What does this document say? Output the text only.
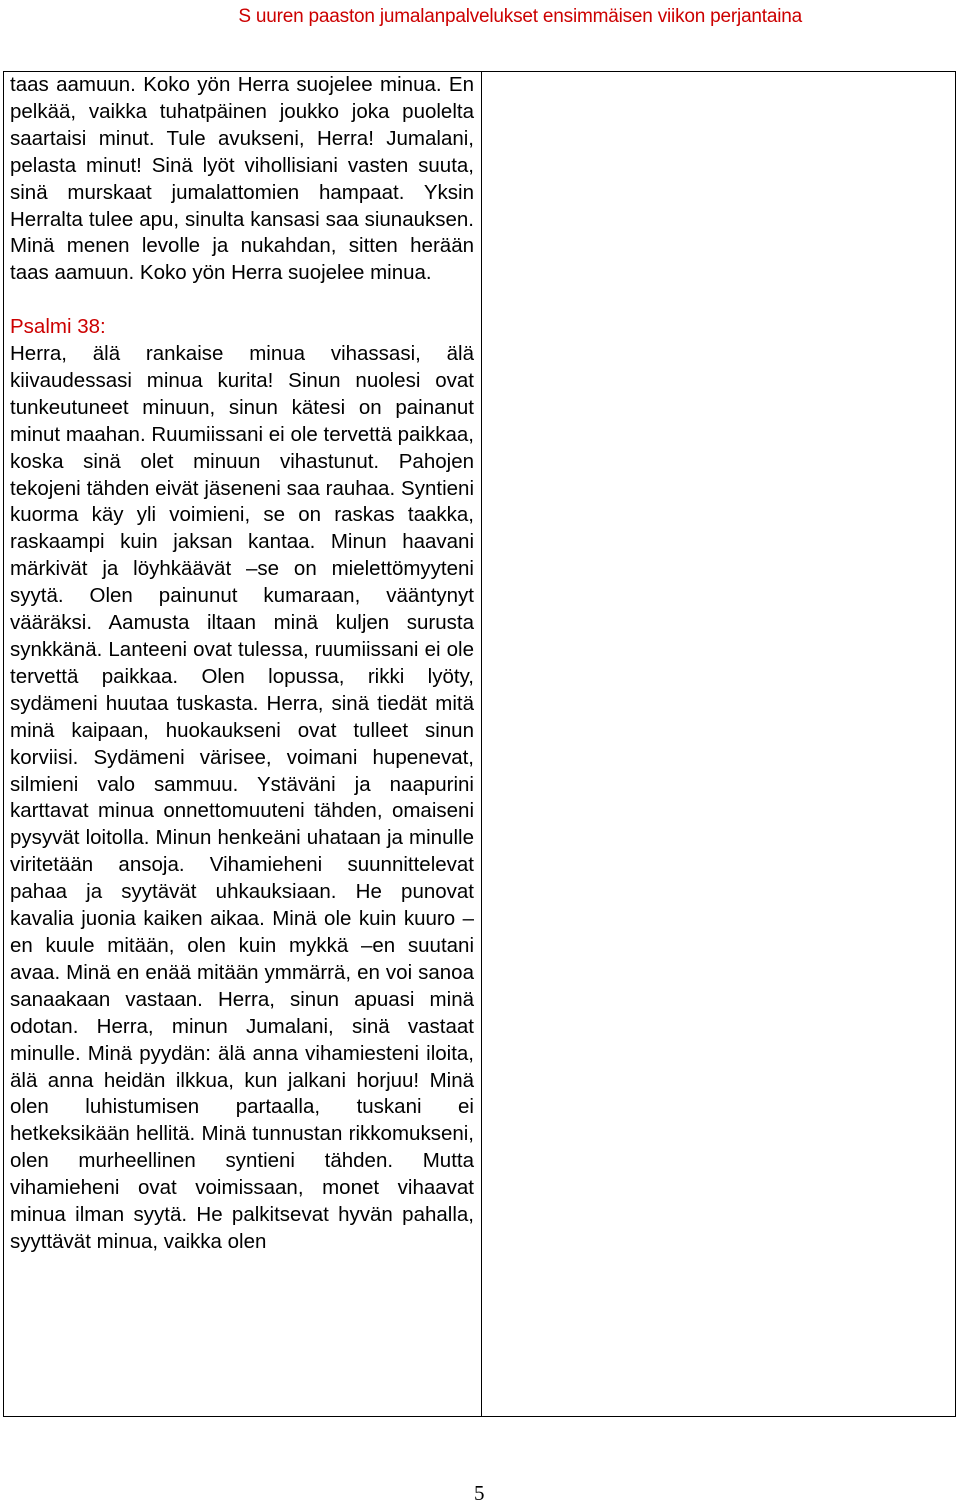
S uuren paaston jumalanpalvelukset ensimmäisen viikon perjantaina

taas aamuun. Koko yön Herra suojelee minua. En pelkää, vaikka tuhatpäinen joukko joka puolelta saartaisi minut. Tule avukseni, Herra! Jumalani, pelasta minut! Sinä lyöt vihollisiani vasten suuta, sinä murskaat jumalattomien hampaat. Yksin Herralta tulee apu, sinulta kansasi saa siunauksen. Minä menen levolle ja nukahdan, sitten herään taas aamuun. Koko yön Herra suojelee minua.

Psalmi 38:

Herra, älä rankaise minua vihassasi, älä kiivaudessasi minua kurita! Sinun nuolesi ovat tunkeutuneet minuun, sinun kätesi on painanut minut maahan. Ruumiissani ei ole tervettä paikkaa, koska sinä olet minuun vihastunut. Pahojen tekojeni tähden eivät jäseneni saa rauhaa. Syntieni kuorma käy yli voimieni, se on raskas taakka, raskaampi kuin jaksan kantaa. Minun haavani märkivät ja löyhkäävät –se on mielettömyyteni syytä. Olen painunut kumaraan, vääntynyt vääräksi. Aamusta iltaan minä kuljen surusta synkkänä. Lanteeni ovat tulessa, ruumiissani ei ole tervettä paikkaa. Olen lopussa, rikki lyöty, sydämeni huutaa tuskasta. Herra, sinä tiedät mitä minä kaipaan, huokaukseni ovat tulleet sinun korviisi. Sydämeni värisee, voimani hupenevat, silmieni valo sammuu. Ystäväni ja naapurini karttavat minua onnettomuuteni tähden, omaiseni pysyvät loitolla. Minun henkeäni uhataan ja minulle viritetään ansoja. Vihamieheni suunnittelevat pahaa ja syytävät uhkauksiaan. He punovat kavalia juonia kaiken aikaa. Minä ole kuin kuuro –en kuule mitään, olen kuin mykkä –en suutani avaa. Minä en enää mitään ymmärrä, en voi sanoa sanaakaan vastaan. Herra, sinun apuasi minä odotan. Herra, minun Jumalani, sinä vastaat minulle. Minä pyydän: älä anna vihamiesteni iloita, älä anna heidän ilkkua, kun jalkani horjuu! Minä olen luhistumisen partaalla, tuskani ei hetkeksikään hellitä. Minä tunnustan rikkomukseni, olen murheellinen syntieni tähden. Mutta vihamieheni ovat voimissaan, monet vihaavat minua ilman syytä. He palkitsevat hyvän pahalla, syyttävät minua, vaikka olen

5
